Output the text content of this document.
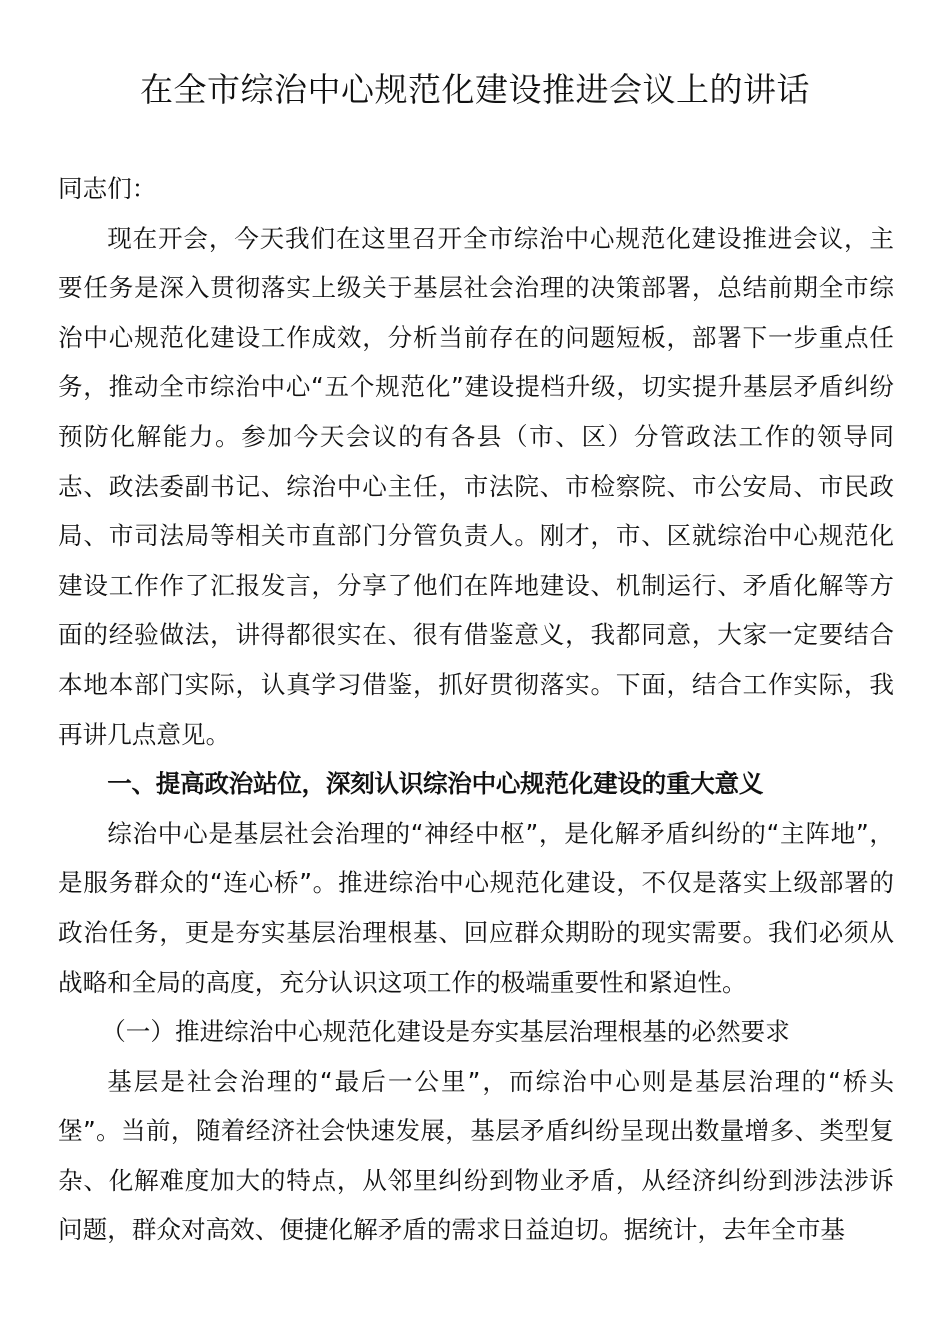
在全市综治中心规范化建设推进会议上的讲话

同志们：

现在开会，今天我们在这里召开全市综治中心规范化建设推进会议，主要任务是深入贯彻落实上级关于基层社会治理的决策部署，总结前期全市综治中心规范化建设工作成效，分析当前存在的问题短板，部署下一步重点任务，推动全市综治中心“五个规范化”建设提档升级，切实提升基层矛盾纠纷预防化解能力。参加今天会议的有各县（市、区）分管政法工作的领导同志、政法委副书记、综治中心主任，市法院、市检察院、市公安局、市民政局、市司法局等相关市直部门分管负责人。刚才，市、区就综治中心规范化建设工作作了汇报发言，分享了他们在阵地建设、机制运行、矛盾化解等方面的经验做法，讲得都很实在、很有借鉴意义，我都同意，大家一定要结合本地本部门实际，认真学习借鉴，抓好贯彻落实。下面，结合工作实际，我再讲几点意见。

一、提高政治站位，深刻认识综治中心规范化建设的重大意义

综治中心是基层社会治理的“神经中枢”，是化解矛盾纠纷的“主阵地”，是服务群众的“连心桥”。推进综治中心规范化建设，不仅是落实上级部署的政治任务，更是夯实基层治理根基、回应群众期盼的现实需要。我们必须从战略和全局的高度，充分认识这项工作的极端重要性和紧迫性。

（一）推进综治中心规范化建设是夯实基层治理根基的必然要求

基层是社会治理的“最后一公里”，而综治中心则是基层治理的“桥头堡”。当前，随着经济社会快速发展，基层矛盾纠纷呈现出数量增多、类型复杂、化解难度加大的特点，从邻里纠纷到物业矛盾，从经济纠纷到涉法涉诉问题，群众对高效、便捷化解矛盾的需求日益迫切。据统计，去年全市基
